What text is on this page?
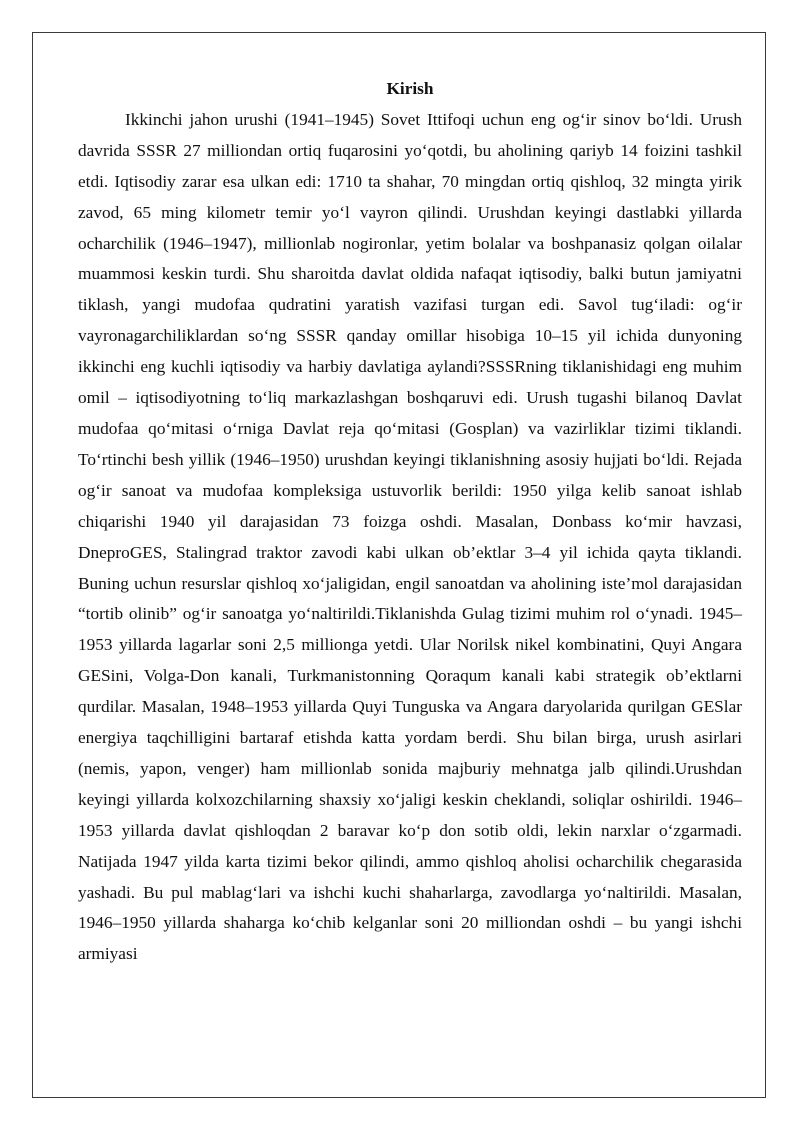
Kirish

Ikkinchi jahon urushi (1941–1945) Sovet Ittifoqi uchun eng og‘ir sinov bo‘ldi. Urush davrida SSSR 27 milliondan ortiq fuqarosini yo‘qotdi, bu aholining qariyb 14 foizini tashkil etdi. Iqtisodiy zarar esa ulkan edi: 1710 ta shahar, 70 mingdan ortiq qishloq, 32 mingta yirik zavod, 65 ming kilometr temir yo‘l vayron qilindi. Urushdan keyingi dastlabki yillarda ocharchilik (1946–1947), millionlab nogironlar, yetim bolalar va boshpanasiz qolgan oilalar muammosi keskin turdi. Shu sharoitda davlat oldida nafaqat iqtisodiy, balki butun jamiyatni tiklash, yangi mudofaa qudratini yaratish vazifasi turgan edi. Savol tug‘iladi: og‘ir vayronagarchiliklardan so‘ng SSSR qanday omillar hisobiga 10–15 yil ichida dunyoning ikkinchi eng kuchli iqtisodiy va harbiy davlatiga aylandi?SSSRning tiklanishidagi eng muhim omil – iqtisodiyotning to‘liq markazlashgan boshqaruvi edi. Urush tugashi bilanoq Davlat mudofaa qo‘mitasi o‘rniga Davlat reja qo‘mitasi (Gosplan) va vazirliklar tizimi tiklandi. To‘rtinchi besh yillik (1946–1950) urushdan keyingi tiklanishning asosiy hujjati bo‘ldi. Rejada og‘ir sanoat va mudofaa kompleksiga ustuvorlik berildi: 1950 yilga kelib sanoat ishlab chiqarishi 1940 yil darajasidan 73 foizga oshdi. Masalan, Donbass ko‘mir havzasi, DneproGES, Stalingrad traktor zavodi kabi ulkan ob’ektlar 3–4 yil ichida qayta tiklandi. Buning uchun resurslar qishloq xo‘jaligidan, engil sanoatdan va aholining iste’mol darajasidan “tortib olinib” og‘ir sanoatga yo‘naltirildi.Tiklanishda Gulag tizimi muhim rol o‘ynadi. 1945–1953 yillarda lagarlar soni 2,5 millionga yetdi. Ular Norilsk nikel kombinatini, Quyi Angara GESini, Volga-Don kanali, Turkmanistonning Qoraqum kanali kabi strategik ob’ektlarni qurdilar. Masalan, 1948–1953 yillarda Quyi Tunguska va Angara daryolarida qurilgan GESlar energiya taqchilligini bartaraf etishda katta yordam berdi. Shu bilan birga, urush asirlari (nemis, yapon, venger) ham millionlab sonida majburiy mehnatga jalb qilindi.Urushdan keyingi yillarda kolxozchilarning shaxsiy xo‘jaligi keskin cheklandi, soliqlar oshirildi. 1946–1953 yillarda davlat qishloqdan 2 baravar ko‘p don sotib oldi, lekin narxlar o‘zgarmadi. Natijada 1947 yilda karta tizimi bekor qilindi, ammo qishloq aholisi ocharchilik chegarasida yashadi. Bu pul mablag‘lari va ishchi kuchi shaharlarga, zavodlarga yo‘naltirildi. Masalan, 1946–1950 yillarda shaharga ko‘chib kelganlar soni 20 milliondan oshdi – bu yangi ishchi armiyasi
